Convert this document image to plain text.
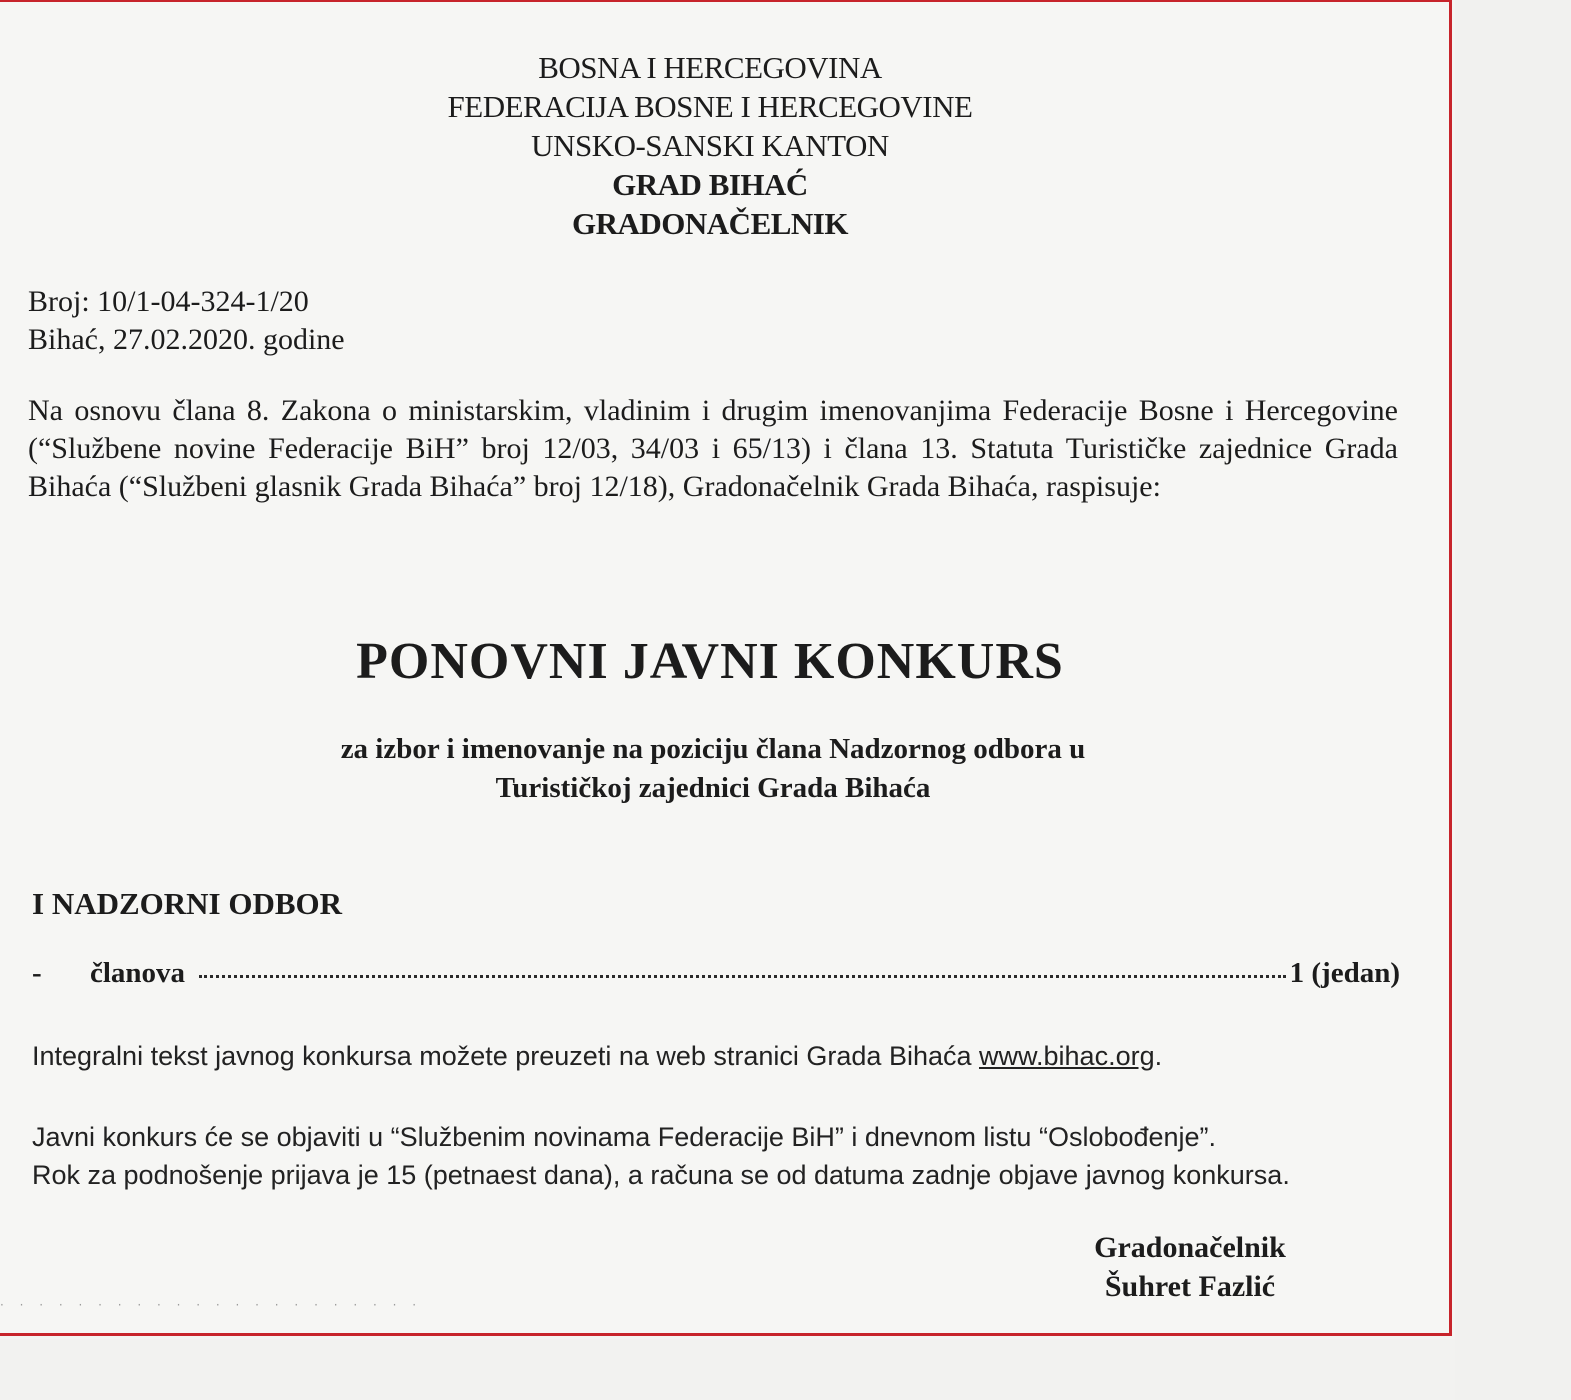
BOSNA I HERCEGOVINA
FEDERACIJA BOSNE I HERCEGOVINE
UNSKO-SANSKI KANTON
GRAD BIHAĆ
GRADONAČELNIK
Broj: 10/1-04-324-1/20
Bihać, 27.02.2020. godine
Na osnovu člana 8. Zakona o ministarskim, vladinim i drugim imenovanjima Federacije Bosne i Hercegovine (“Službene novine Federacije BiH” broj 12/03, 34/03 i 65/13) i člana 13. Statuta Turističke zajednice Grada Bihaća (“Službeni glasnik Grada Bihaća” broj 12/18), Gradonačelnik Grada Bihaća, raspisuje:
PONOVNI JAVNI KONKURS
za izbor i imenovanje na poziciju člana Nadzornog odbora u
Turističkoj zajednici Grada Bihaća
I NADZORNI ODBOR
-	članova	1 (jedan)
Integralni tekst javnog konkursa možete preuzeti na web stranici Grada Bihaća www.bihac.org.
Javni konkurs će se objaviti u “Službenim novinama Federacije BiH” i dnevnom listu “Oslobođenje”.
Rok za podnošenje prijava je 15 (petnaest dana), a računa se od datuma zadnje objave javnog konkursa.
Gradonačelnik
Šuhret Fazlić
· · · · · · · · · · · · · · · · · · · · · ·
